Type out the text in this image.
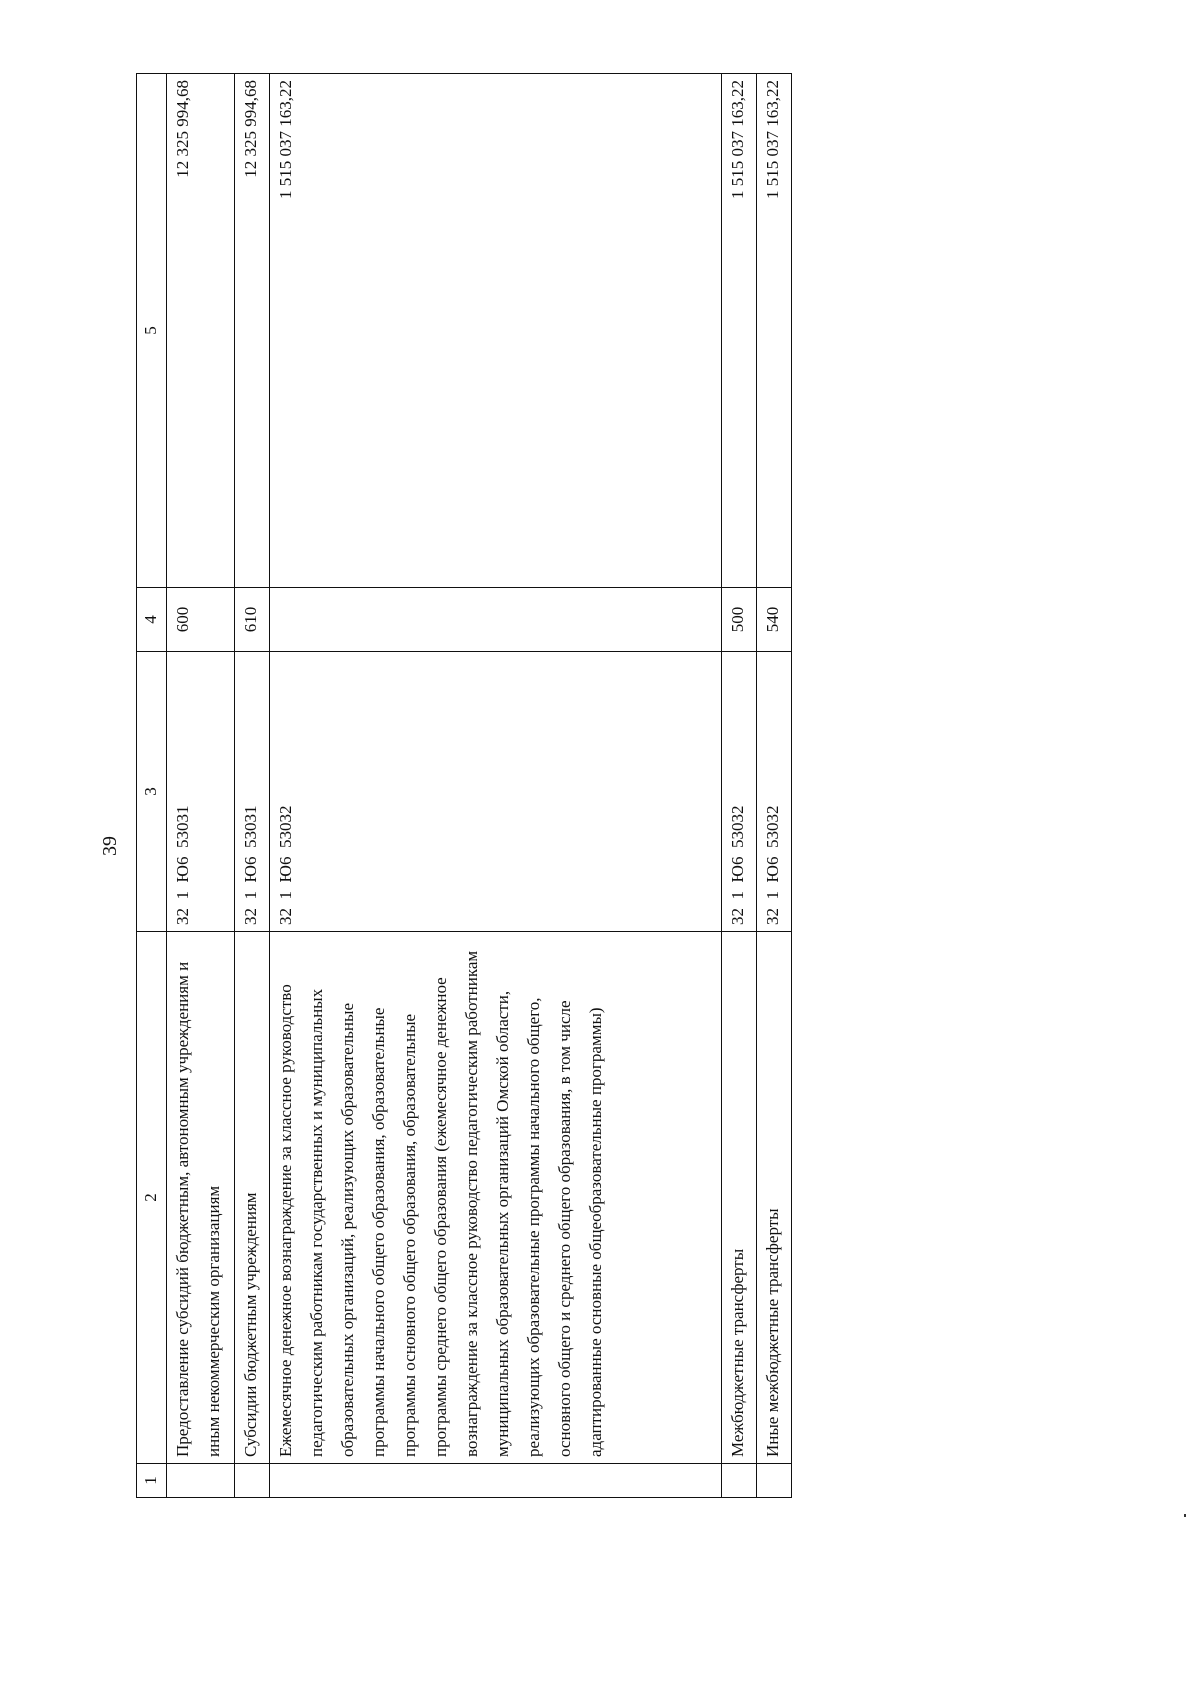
39
1	2	3	4	5
	Предоставление субсидий бюджетным, автономным учреждениям и иным некоммерческим организациям	32  1  Ю6  53031	600	12 325 994,68
	Субсидии бюджетным учреждениям	32  1  Ю6  53031	610	12 325 994,68
	Ежемесячное денежное вознаграждение за классное руководство педагогическим работникам государственных и муниципальных образовательных организаций, реализующих образовательные программы начального общего образования, образовательные программы основного общего образования, образовательные программы среднего общего образования (ежемесячное денежное вознаграждение за классное руководство педагогическим работникам муниципальных образовательных организаций Омской области, реализующих образовательные программы начального общего, основного общего и среднего общего образования, в том числе адаптированные основные общеобразовательные программы)	32  1  Ю6  53032		1 515 037 163,22
	Межбюджетные трансферты	32  1  Ю6  53032	500	1 515 037 163,22
	Иные межбюджетные трансферты	32  1  Ю6  53032	540	1 515 037 163,22
